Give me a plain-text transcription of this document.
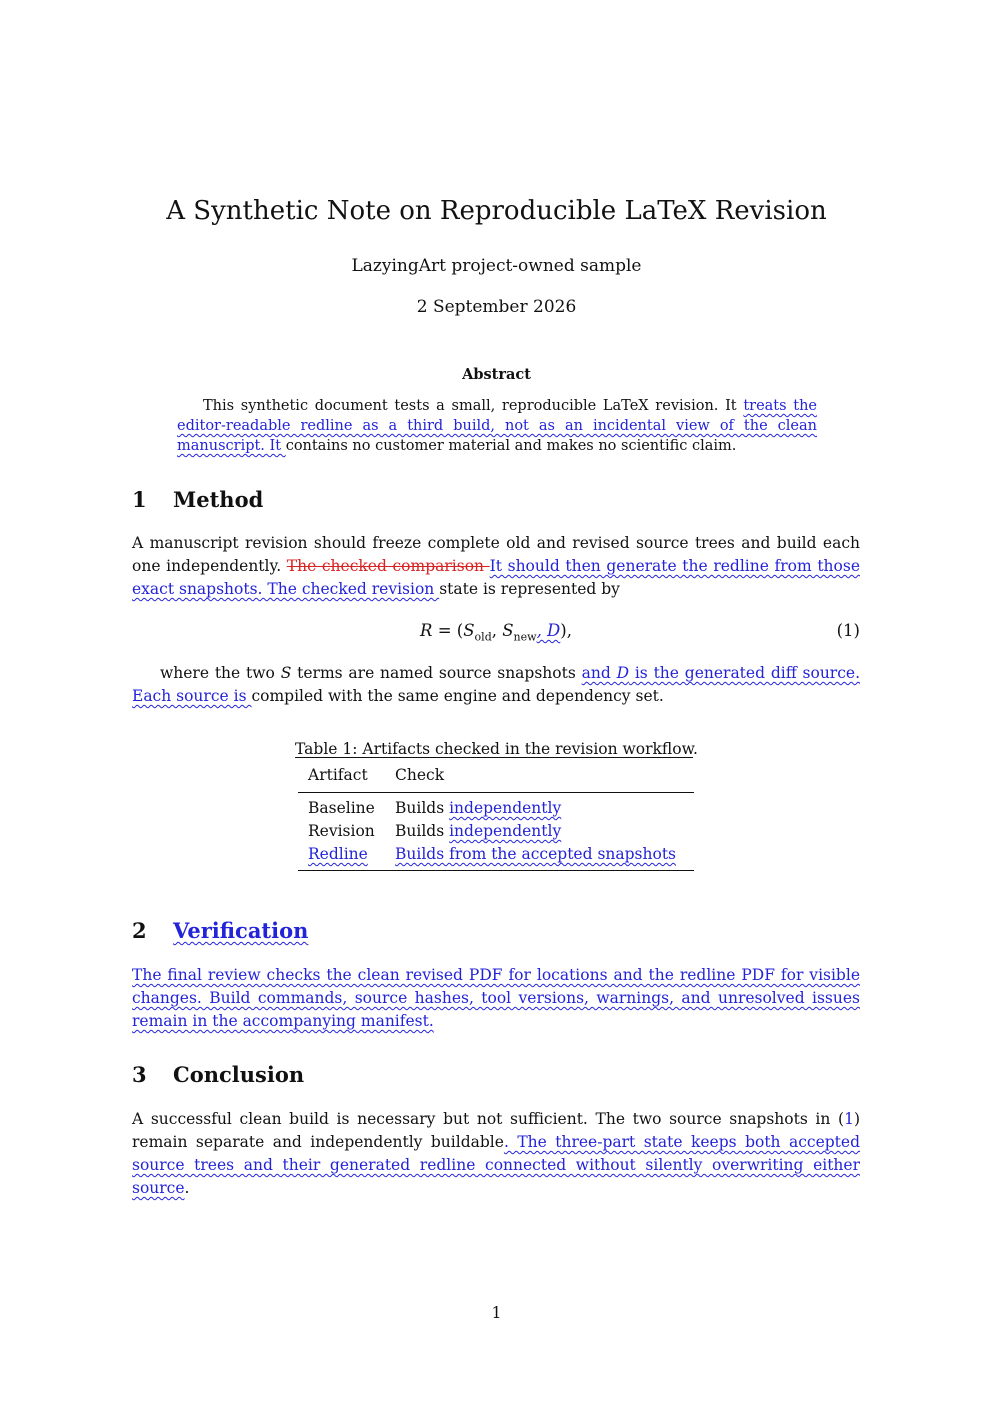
A Synthetic Note on Reproducible LaTeX Revision
LazyingArt project-owned sample
2 September 2026
Abstract
This synthetic document tests a small, reproducible LaTeX revision. It treats the editor-readable redline as a third build, not as an incidental view of the clean manuscript. It contains no customer material and makes no scientific claim.
1 Method
A manuscript revision should freeze complete old and revised source trees and build each one independently. The checked comparison It should then generate the redline from those exact snapshots. The checked revision state is represented by
$R = (S_{old}$, $S_{new}$, D),	(1)
where the two S terms are named source snapshots and D is the generated diff source. Each source is compiled with the same engine and dependency set.
Table 1: Artifacts checked in the revision workflow.
Artifact Check
Baseline Builds independently
Revision Builds independently
Redline Builds from the accepted snapshots
2 Verification
The final review checks the clean revised PDF for locations and the redline PDF for visible changes. Build commands, source hashes, tool versions, warnings, and unresolved issues remain in the accompanying manifest.
3 Conclusion
A successful clean build is necessary but not sufficient. The two source snapshots in (1) remain separate and independently buildable. The three-part state keeps both accepted source trees and their generated redline connected without silently overwriting either source.
1
